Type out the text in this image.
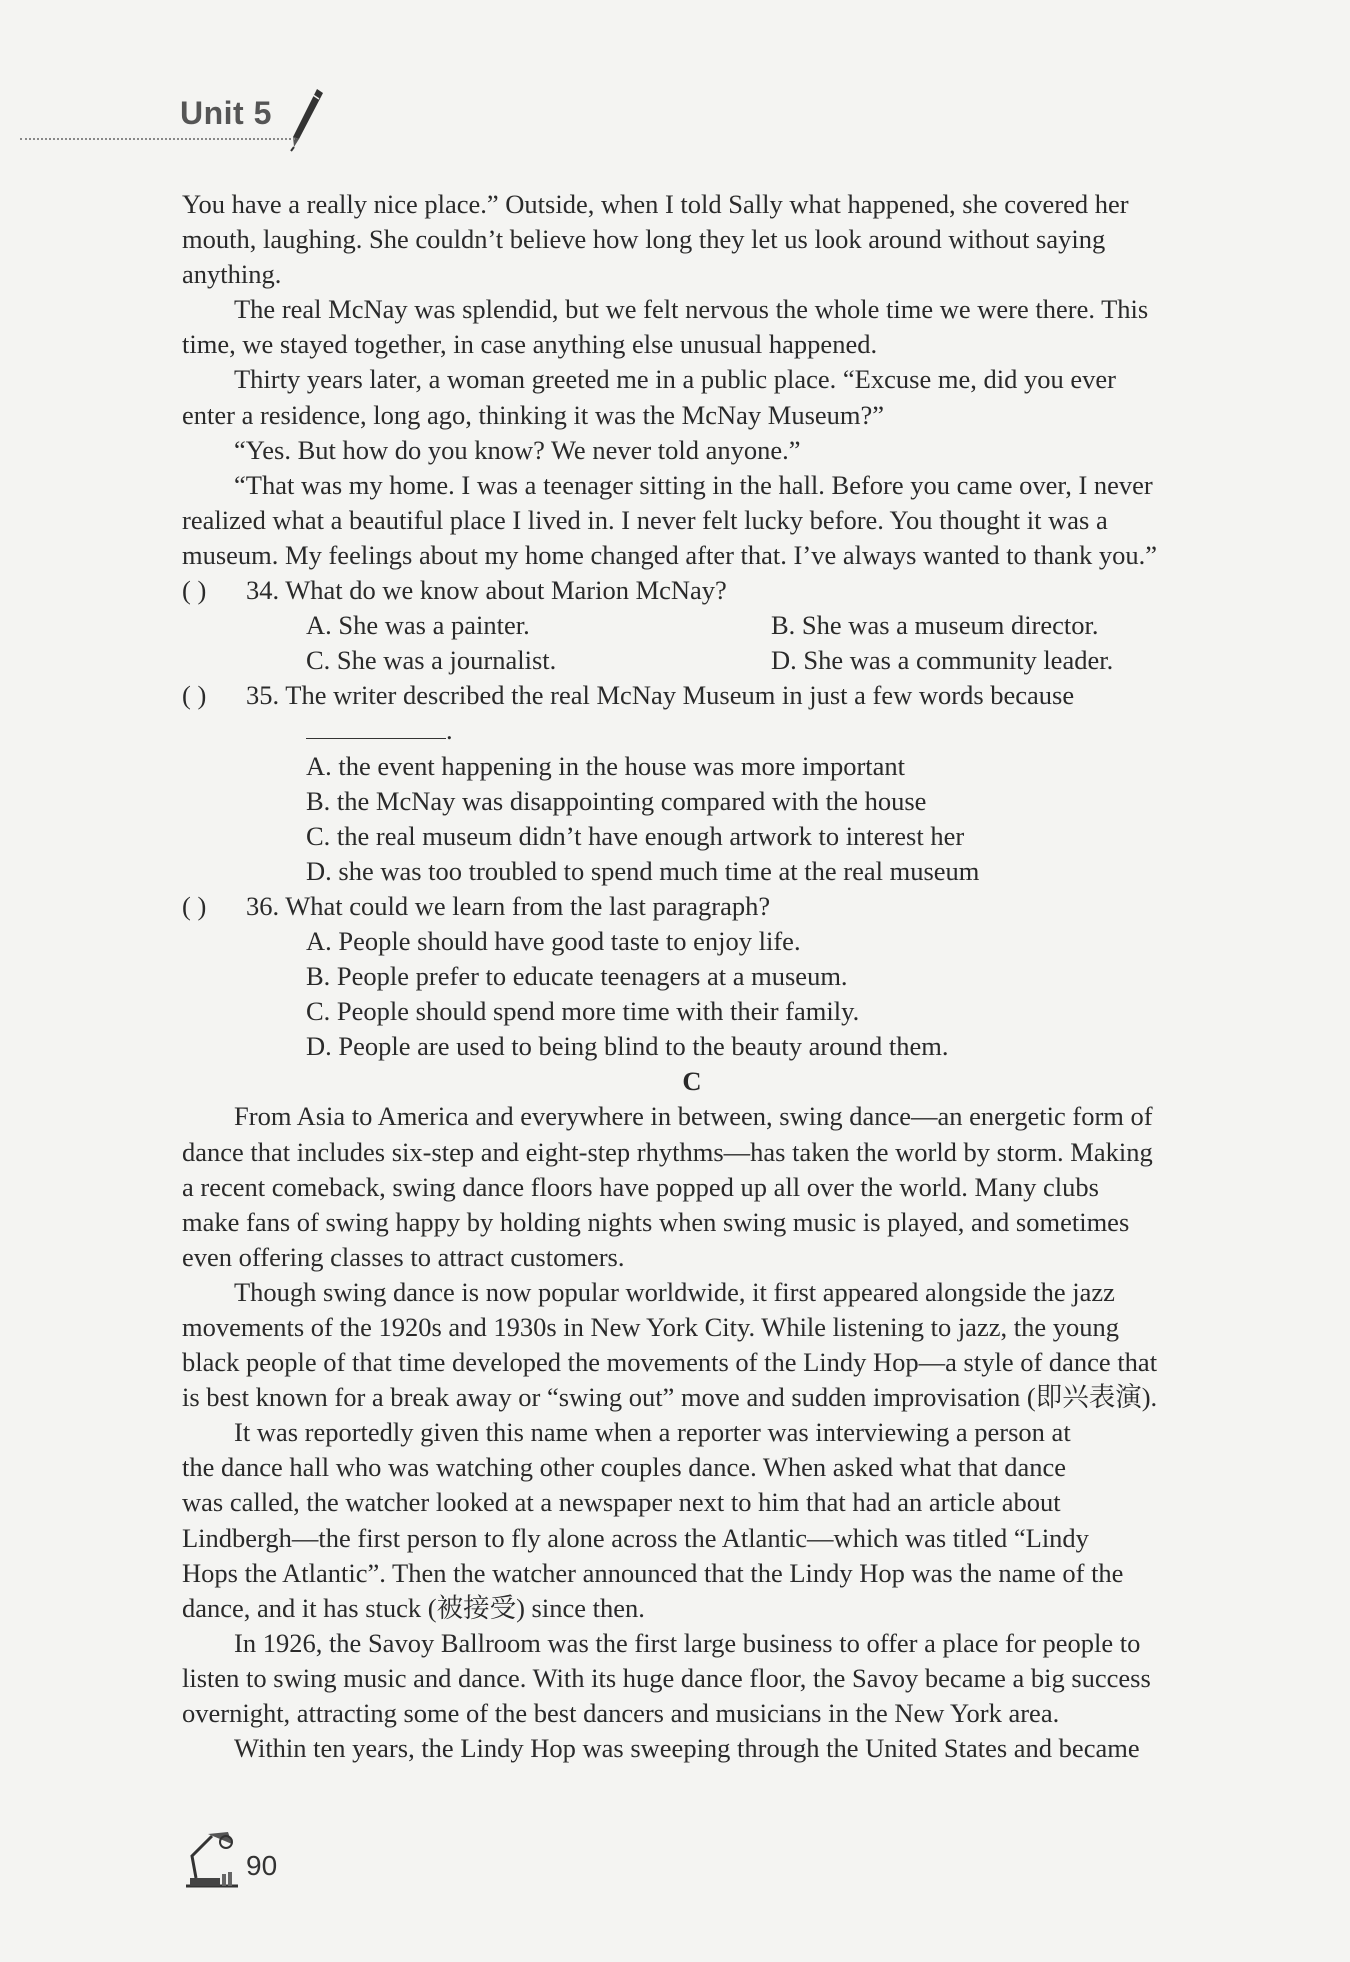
Unit 5
You have a really nice place.” Outside, when I told Sally what happened, she covered her
mouth, laughing. She couldn’t believe how long they let us look around without saying
anything.
The real McNay was splendid, but we felt nervous the whole time we were there. This
time, we stayed together, in case anything else unusual happened.
Thirty years later, a woman greeted me in a public place. “Excuse me, did you ever
enter a residence, long ago, thinking it was the McNay Museum?”
“Yes. But how do you know? We never told anyone.”
“That was my home. I was a teenager sitting in the hall. Before you came over, I never
realized what a beautiful place I lived in. I never felt lucky before. You thought it was a
museum. My feelings about my home changed after that. I’ve always wanted to thank you.”
( ) 34. What do we know about Marion McNay?
A. She was a painter.	B. She was a museum director.
C. She was a journalist.	D. She was a community leader.
( ) 35. The writer described the real McNay Museum in just a few words because
.
A. the event happening in the house was more important
B. the McNay was disappointing compared with the house
C. the real museum didn’t have enough artwork to interest her
D. she was too troubled to spend much time at the real museum
( ) 36. What could we learn from the last paragraph?
A. People should have good taste to enjoy life.
B. People prefer to educate teenagers at a museum.
C. People should spend more time with their family.
D. People are used to being blind to the beauty around them.
C
From Asia to America and everywhere in between, swing dance—an energetic form of
dance that includes six-step and eight-step rhythms—has taken the world by storm. Making
a recent comeback, swing dance floors have popped up all over the world. Many clubs
make fans of swing happy by holding nights when swing music is played, and sometimes
even offering classes to attract customers.
Though swing dance is now popular worldwide, it first appeared alongside the jazz
movements of the 1920s and 1930s in New York City. While listening to jazz, the young
black people of that time developed the movements of the Lindy Hop—a style of dance that
is best known for a break away or “swing out” move and sudden improvisation (即兴表演).
It was reportedly given this name when a reporter was interviewing a person at
the dance hall who was watching other couples dance. When asked what that dance
was called, the watcher looked at a newspaper next to him that had an article about
Lindbergh—the first person to fly alone across the Atlantic—which was titled “Lindy
Hops the Atlantic”. Then the watcher announced that the Lindy Hop was the name of the
dance, and it has stuck (被接受) since then.
In 1926, the Savoy Ballroom was the first large business to offer a place for people to
listen to swing music and dance. With its huge dance floor, the Savoy became a big success
overnight, attracting some of the best dancers and musicians in the New York area.
Within ten years, the Lindy Hop was sweeping through the United States and became
90
